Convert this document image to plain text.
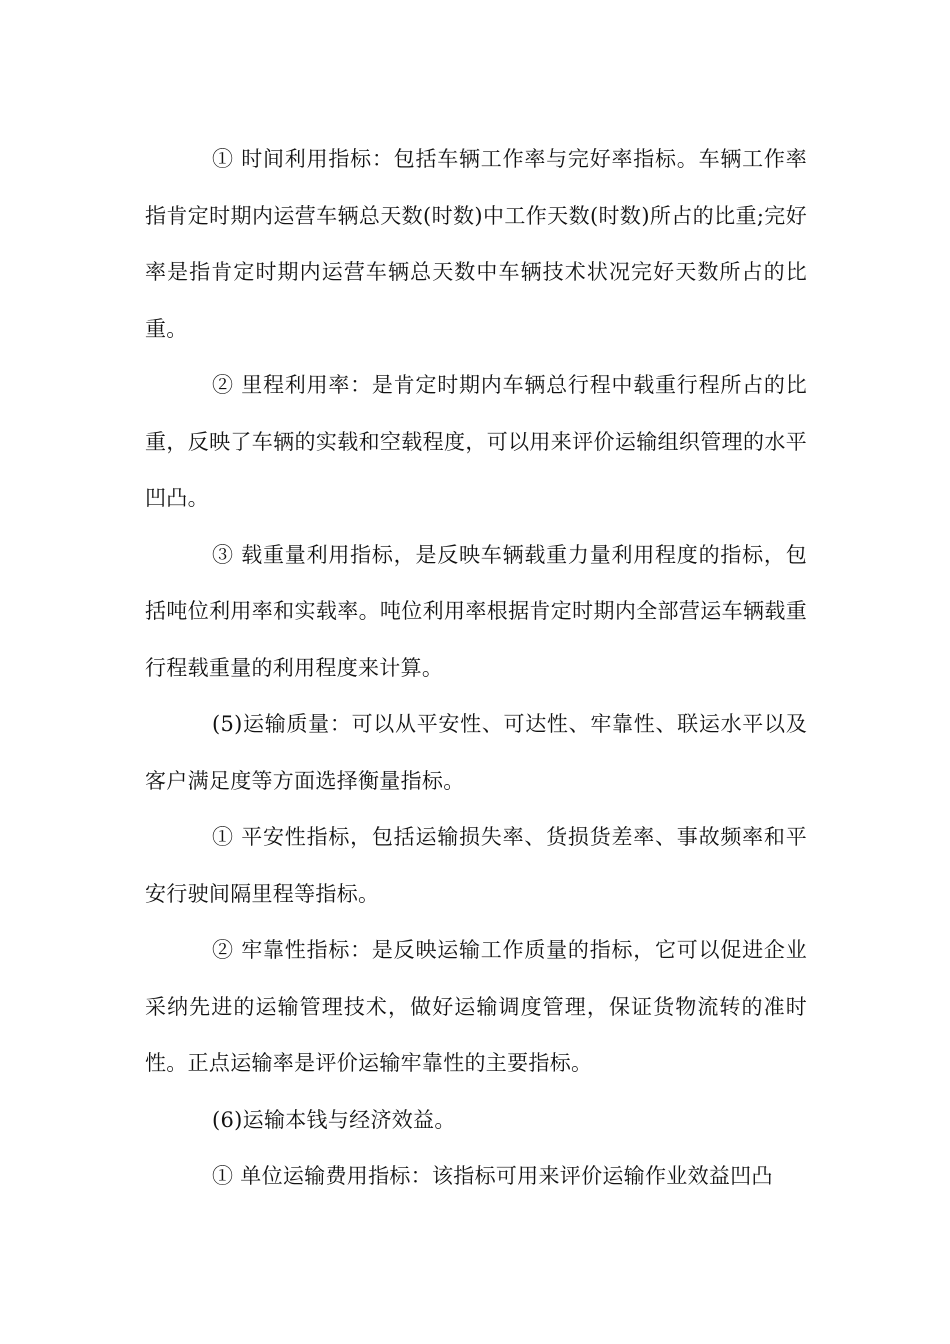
① 时间利用指标：包括车辆工作率与完好率指标。车辆工作率指肯定时期内运营车辆总天数(时数)中工作天数(时数)所占的比重;完好率是指肯定时期内运营车辆总天数中车辆技术状况完好天数所占的比重。

② 里程利用率：是肯定时期内车辆总行程中载重行程所占的比重，反映了车辆的实载和空载程度，可以用来评价运输组织管理的水平凹凸。

③ 载重量利用指标，是反映车辆载重力量利用程度的指标，包括吨位利用率和实载率。吨位利用率根据肯定时期内全部营运车辆载重行程载重量的利用程度来计算。

(5)运输质量：可以从平安性、可达性、牢靠性、联运水平以及客户满足度等方面选择衡量指标。

① 平安性指标，包括运输损失率、货损货差率、事故频率和平安行驶间隔里程等指标。

② 牢靠性指标：是反映运输工作质量的指标，它可以促进企业采纳先进的运输管理技术，做好运输调度管理，保证货物流转的准时性。正点运输率是评价运输牢靠性的主要指标。

(6)运输本钱与经济效益。

① 单位运输费用指标：该指标可用来评价运输作业效益凹凸
